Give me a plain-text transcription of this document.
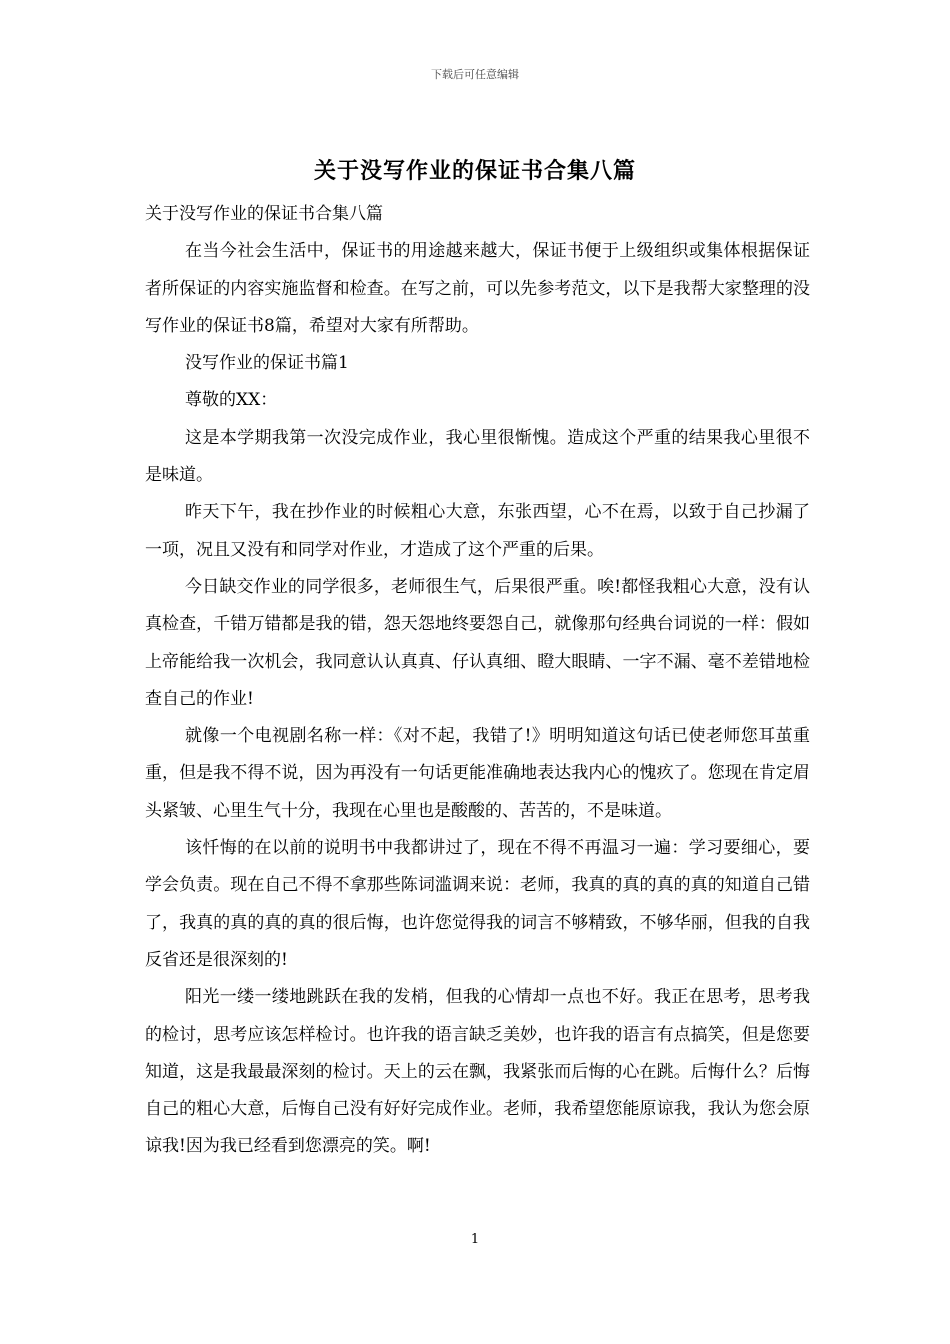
下载后可任意编辑
关于没写作业的保证书合集八篇

关于没写作业的保证书合集八篇

在当今社会生活中，保证书的用途越来越大，保证书便于上级组织或集体根据保证者所保证的内容实施监督和检查。在写之前，可以先参考范文，以下是我帮大家整理的没写作业的保证书8篇，希望对大家有所帮助。

没写作业的保证书篇1

尊敬的XX：

这是本学期我第一次没完成作业，我心里很惭愧。造成这个严重的结果我心里很不是味道。

昨天下午，我在抄作业的时候粗心大意，东张西望，心不在焉，以致于自己抄漏了一项，况且又没有和同学对作业，才造成了这个严重的后果。

今日缺交作业的同学很多，老师很生气，后果很严重。唉!都怪我粗心大意，没有认真检查，千错万错都是我的错，怨天怨地终要怨自己，就像那句经典台词说的一样：假如上帝能给我一次机会，我同意认认真真、仔认真细、瞪大眼睛、一字不漏、毫不差错地检查自己的作业!

就像一个电视剧名称一样：《对不起，我错了!》明明知道这句话已使老师您耳茧重重，但是我不得不说，因为再没有一句话更能准确地表达我内心的愧疚了。您现在肯定眉头紧皱、心里生气十分，我现在心里也是酸酸的、苦苦的，不是味道。

该忏悔的在以前的说明书中我都讲过了，现在不得不再温习一遍：学习要细心，要学会负责。现在自己不得不拿那些陈词滥调来说：老师，我真的真的真的真的知道自己错了，我真的真的真的真的很后悔，也许您觉得我的词言不够精致，不够华丽，但我的自我反省还是很深刻的!

阳光一缕一缕地跳跃在我的发梢，但我的心情却一点也不好。我正在思考，思考我的检讨，思考应该怎样检讨。也许我的语言缺乏美妙，也许我的语言有点搞笑，但是您要知道，这是我最最深刻的检讨。天上的云在飘，我紧张而后悔的心在跳。后悔什么？后悔自己的粗心大意，后悔自己没有好好完成作业。老师，我希望您能原谅我，我认为您会原谅我!因为我已经看到您漂亮的笑。啊!

1
